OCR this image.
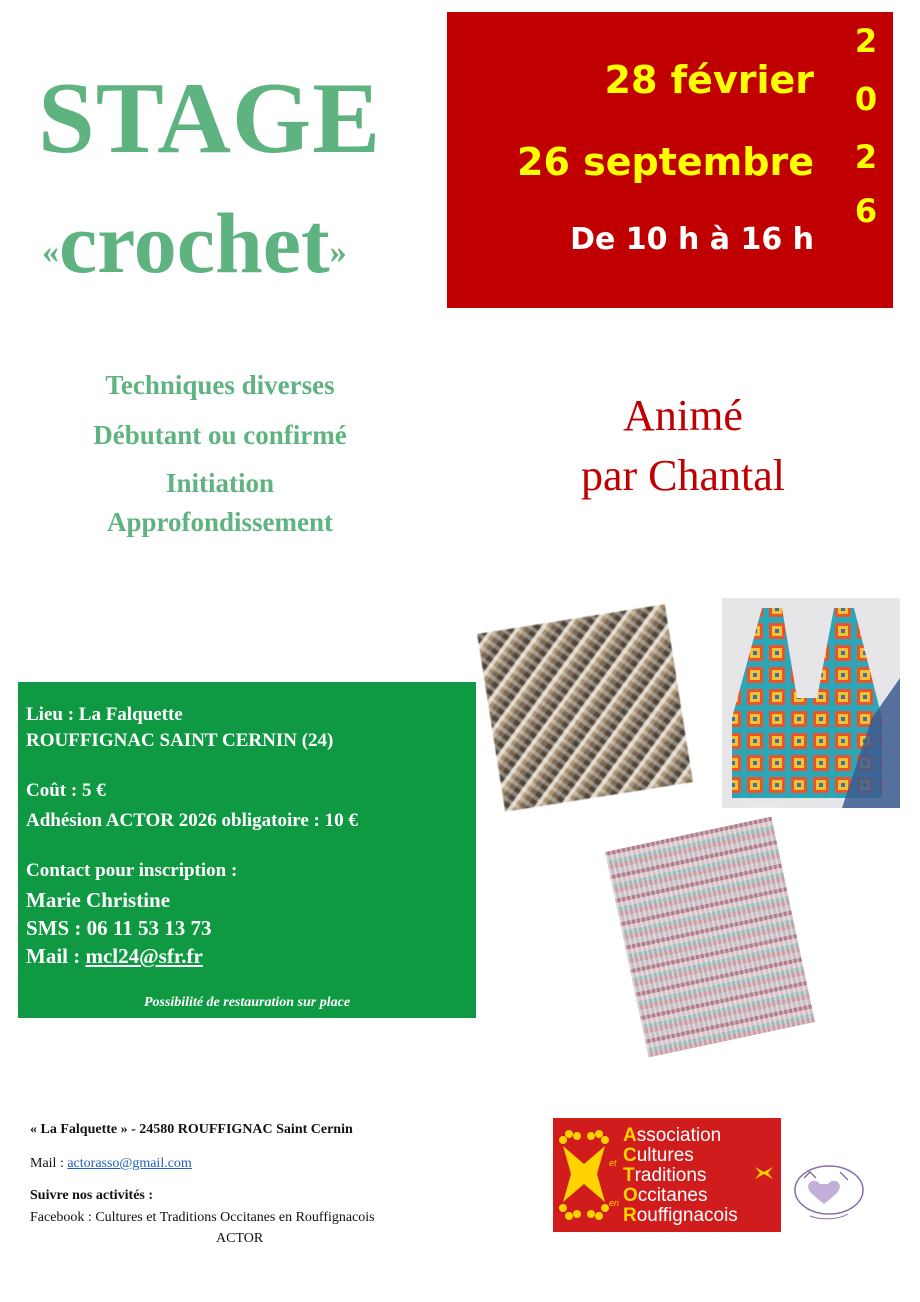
STAGE
«crochet»
28 février
26 septembre
De 10 h à 16 h
2
0
2
6
Techniques diverses
Débutant ou confirmé
Initiation
Approfondissement
Animé
par Chantal
Lieu : La Falquette
ROUFFIGNAC SAINT CERNIN (24)
Coût : 5 €
Adhésion ACTOR 2026 obligatoire : 10 €
Contact pour inscription :
Marie Christine
SMS : 06 11 53 13 73
Mail : mcl24@sfr.fr
Possibilité de restauration sur place
« La Falquette » - 24580 ROUFFIGNAC Saint Cernin
Mail : actorasso@gmail.com
Suivre nos activités :
Facebook : Cultures et Traditions Occitanes en Rouffignacois
ACTOR
et
en
Association
Cultures
Traditions
Occitanes
Rouffignacois
